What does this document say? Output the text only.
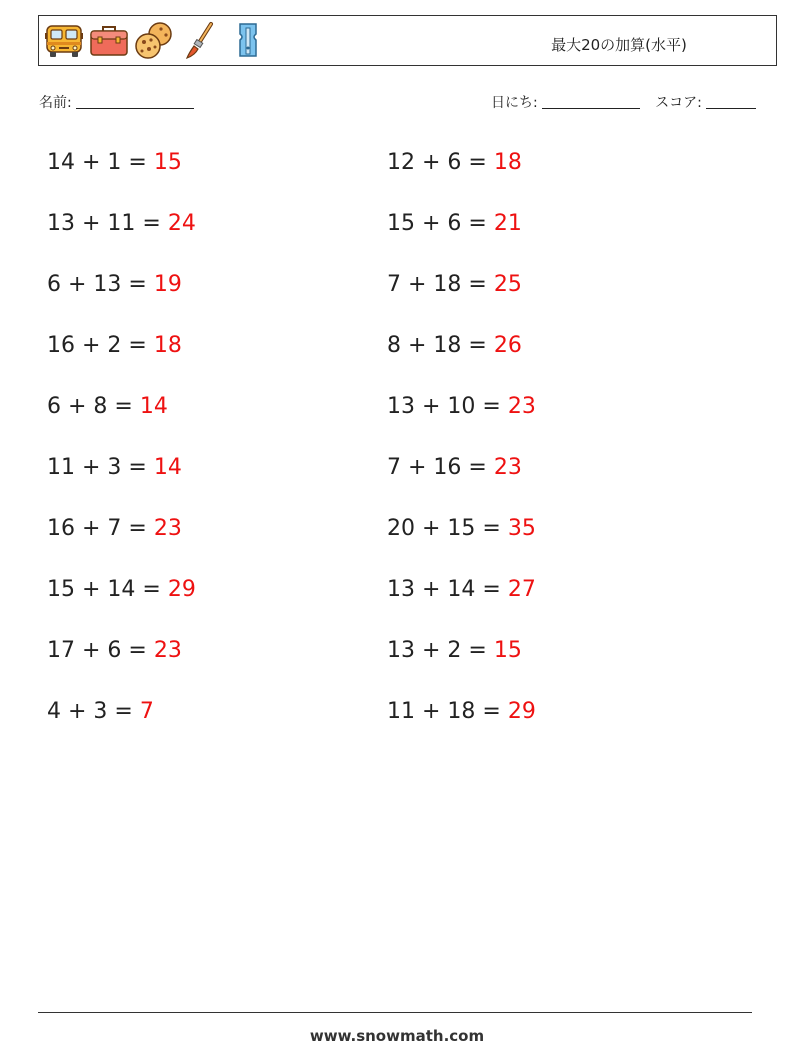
最大20の加算(水平)
名前:	日にち:	スコア:
14 + 1 = 15
13 + 11 = 24
6 + 13 = 19
16 + 2 = 18
6 + 8 = 14
11 + 3 = 14
16 + 7 = 23
15 + 14 = 29
17 + 6 = 23
4 + 3 = 7
12 + 6 = 18
15 + 6 = 21
7 + 18 = 25
8 + 18 = 26
13 + 10 = 23
7 + 16 = 23
20 + 15 = 35
13 + 14 = 27
13 + 2 = 15
11 + 18 = 29
www.snowmath.com
